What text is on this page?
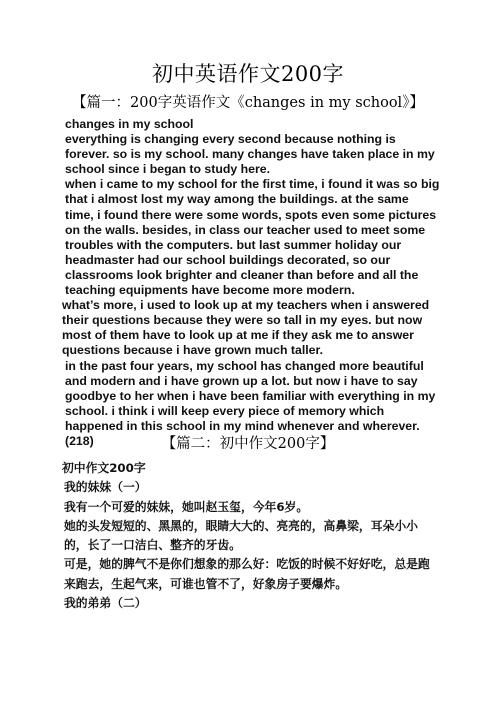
初中英语作文200字
【篇一：200字英语作文《changes in my school》】

changes in my school

everything is changing every second because nothing is forever. so is my school. many changes have taken place in my school since i began to study here.

when i came to my school for the first time, i found it was so big that i almost lost my way among the buildings. at the same time, i found there were some words, spots even some pictures on the walls. besides, in class our teacher used to meet some troubles with the computers. but last summer holiday our headmaster had our school buildings decorated, so our classrooms look brighter and cleaner than before and all the teaching equipments have become more modern.

what’s more, i used to look up at my teachers when i answered their questions because they were so tall in my eyes. but now most of them have to look up at me if they ask me to answer questions because i have grown much taller.

in the past four years, my school has changed more beautiful and modern and i have grown up a lot. but now i have to say goodbye to her when i have been familiar with everything in my school. i think i will keep every piece of memory which happened in this school in my mind whenever and wherever. (218)	【篇二：初中作文200字】

初中作文200字

我的妹妹（一）

我有一个可爱的妹妹，她叫赵玉玺，今年6岁。

她的头发短短的、黑黑的，眼睛大大的、亮亮的，高鼻梁，耳朵小小的，长了一口洁白、整齐的牙齿。

可是，她的脾气不是你们想象的那么好：吃饭的时候不好好吃，总是跑来跑去，生起气来，可谁也管不了，好象房子要爆炸。

我的弟弟（二）
